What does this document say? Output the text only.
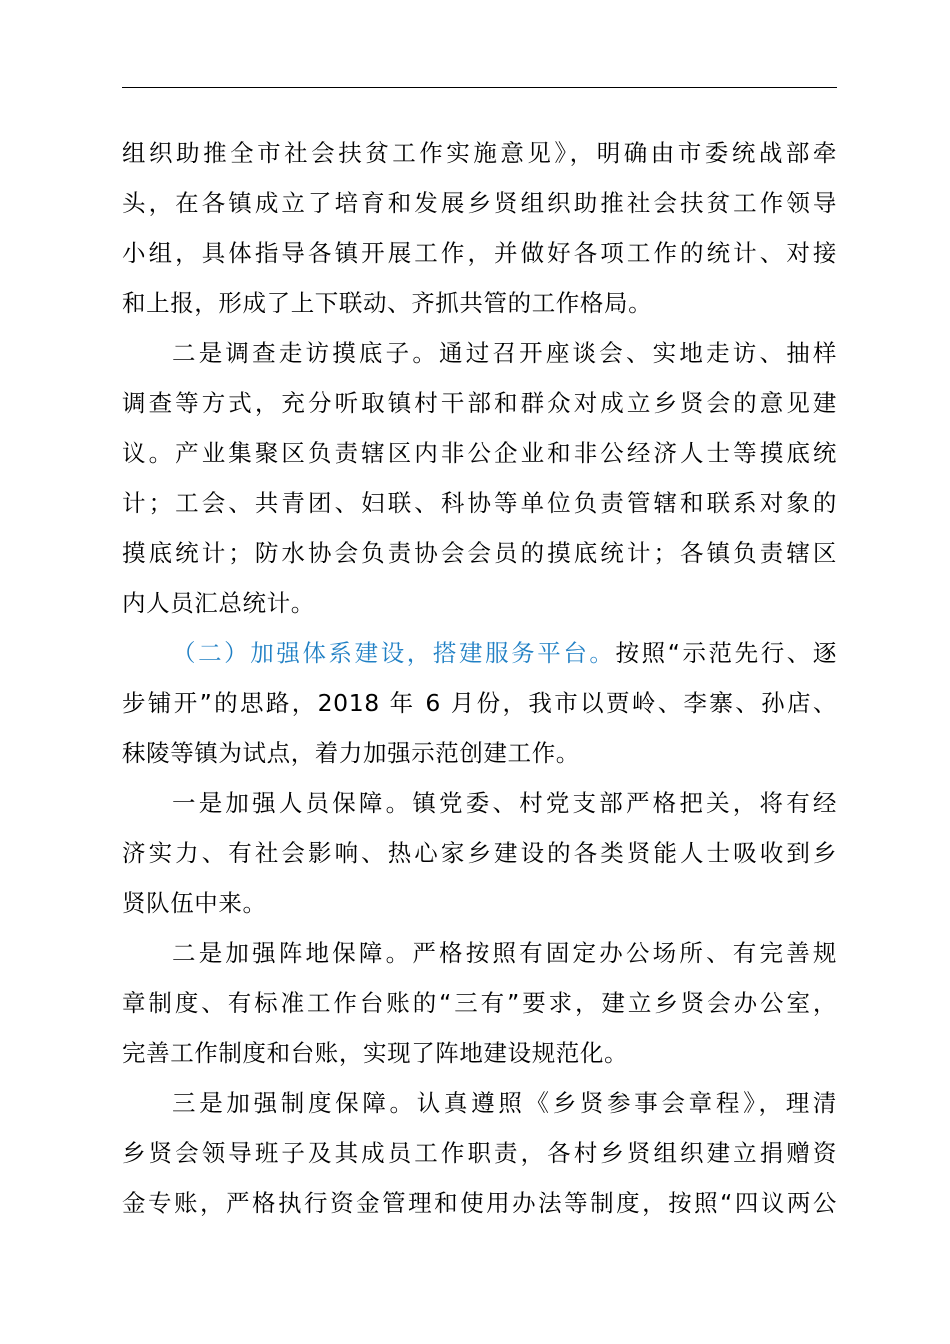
组织助推全市社会扶贫工作实施意见》，明确由市委统战部牵
头，在各镇成立了培育和发展乡贤组织助推社会扶贫工作领导
小组，具体指导各镇开展工作，并做好各项工作的统计、对接
和上报，形成了上下联动、齐抓共管的工作格局。
二是调查走访摸底子。通过召开座谈会、实地走访、抽样
调查等方式，充分听取镇村干部和群众对成立乡贤会的意见建
议。产业集聚区负责辖区内非公企业和非公经济人士等摸底统
计；工会、共青团、妇联、科协等单位负责管辖和联系对象的
摸底统计；防水协会负责协会会员的摸底统计；各镇负责辖区
内人员汇总统计。
（二）加强体系建设，搭建服务平台。按照“示范先行、逐
步铺开”的思路，2018 年 6 月份，我市以贾岭、李寨、孙店、
秣陵等镇为试点，着力加强示范创建工作。
一是加强人员保障。镇党委、村党支部严格把关，将有经
济实力、有社会影响、热心家乡建设的各类贤能人士吸收到乡
贤队伍中来。
二是加强阵地保障。严格按照有固定办公场所、有完善规
章制度、有标准工作台账的“三有”要求，建立乡贤会办公室，
完善工作制度和台账，实现了阵地建设规范化。
三是加强制度保障。认真遵照《乡贤参事会章程》，理清
乡贤会领导班子及其成员工作职责，各村乡贤组织建立捐赠资
金专账，严格执行资金管理和使用办法等制度，按照“四议两公
